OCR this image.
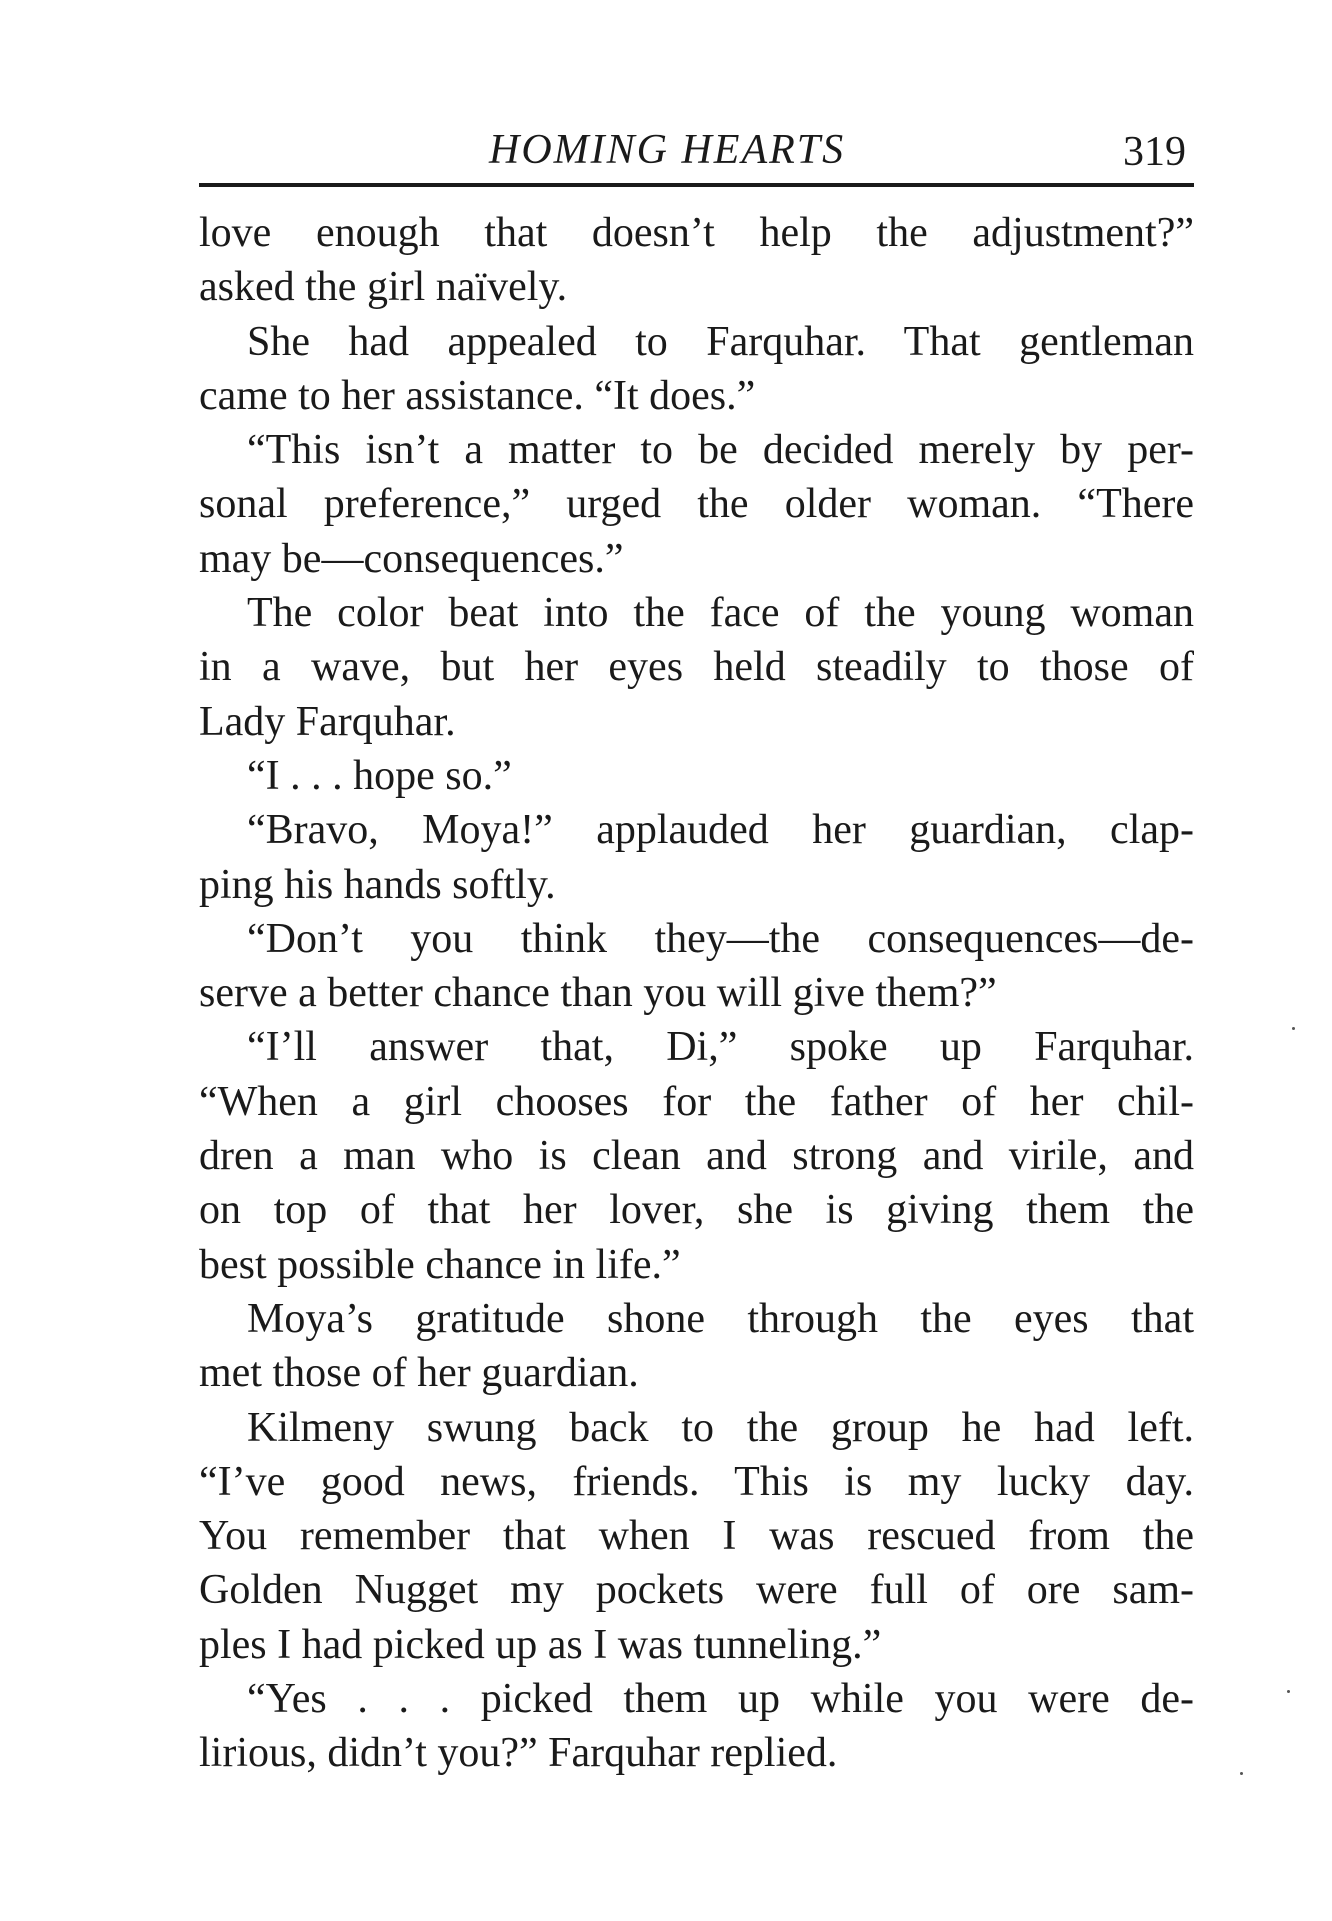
HOMING HEARTS	319
love enough that doesn’t help the adjustment?”
asked the girl naïvely.
She had appealed to Farquhar. That gentleman
came to her assistance. “It does.”
“This isn’t a matter to be decided merely by per-
sonal preference,” urged the older woman. “There
may be—consequences.”
The color beat into the face of the young woman
in a wave, but her eyes held steadily to those of
Lady Farquhar.
“I . . . hope so.”
“Bravo, Moya!” applauded her guardian, clap-
ping his hands softly.
“Don’t you think they—the consequences—de-
serve a better chance than you will give them?”
“I’ll answer that, Di,” spoke up Farquhar.
“When a girl chooses for the father of her chil-
dren a man who is clean and strong and virile, and
on top of that her lover, she is giving them the
best possible chance in life.”
Moya’s gratitude shone through the eyes that
met those of her guardian.
Kilmeny swung back to the group he had left.
“I’ve good news, friends. This is my lucky day.
You remember that when I was rescued from the
Golden Nugget my pockets were full of ore sam-
ples I had picked up as I was tunneling.”
“Yes . . . picked them up while you were de-
lirious, didn’t you?” Farquhar replied.
